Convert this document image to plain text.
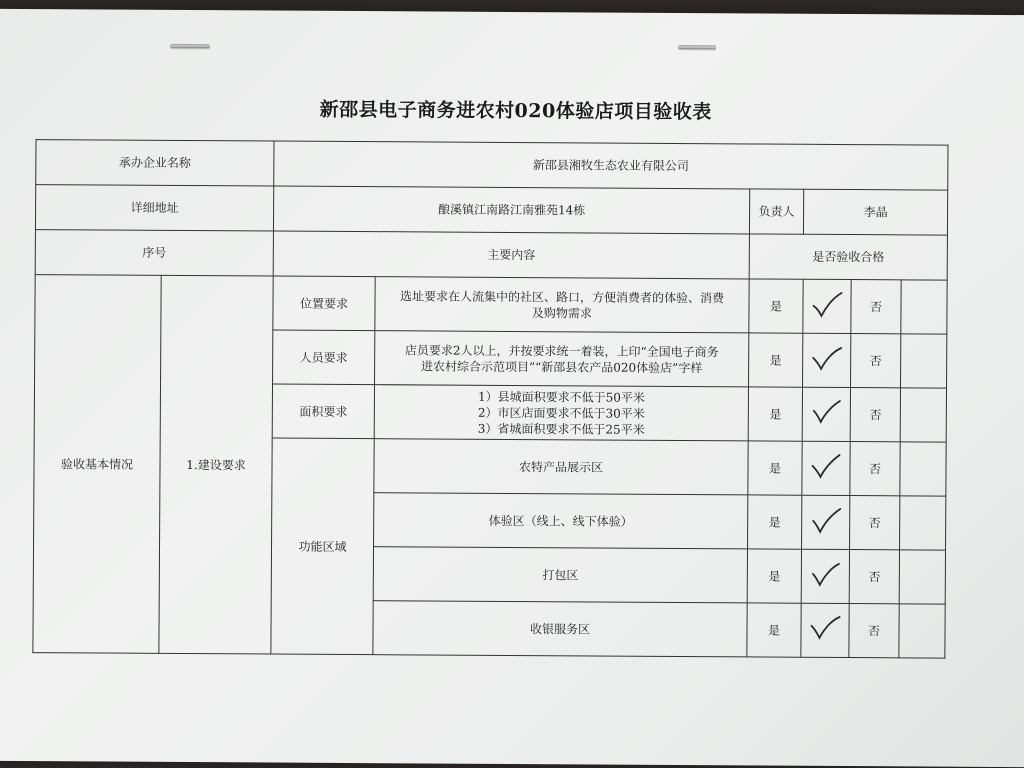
新邵县电子商务进农村020体验店项目验收表
承办企业名称		新邵县湘牧生态农业有限公司					
详细地址		酿溪镇江南路江南雅苑14栋		负责人	李晶		
序号		主要内容		是否验收合格			
验收基本情况	1.建设要求	位置要求	选址要求在人流集中的社区、路口，方便消费者的体验、消费
及购物需求	是		否	
		人员要求	店员要求2人以上，并按要求统一着装，上印“全国电子商务
进农村综合示范项目”“新邵县农产品020体验店”字样	是		否	
		面积要求	1）县城面积要求不低于50平米
2）市区店面要求不低于30平米
3）省城面积要求不低于25平米	是		否	
		功能区域	农特产品展示区	是		否	
			体验区（线上、线下体验）	是		否	
			打包区	是		否	
			收银服务区	是		否	
